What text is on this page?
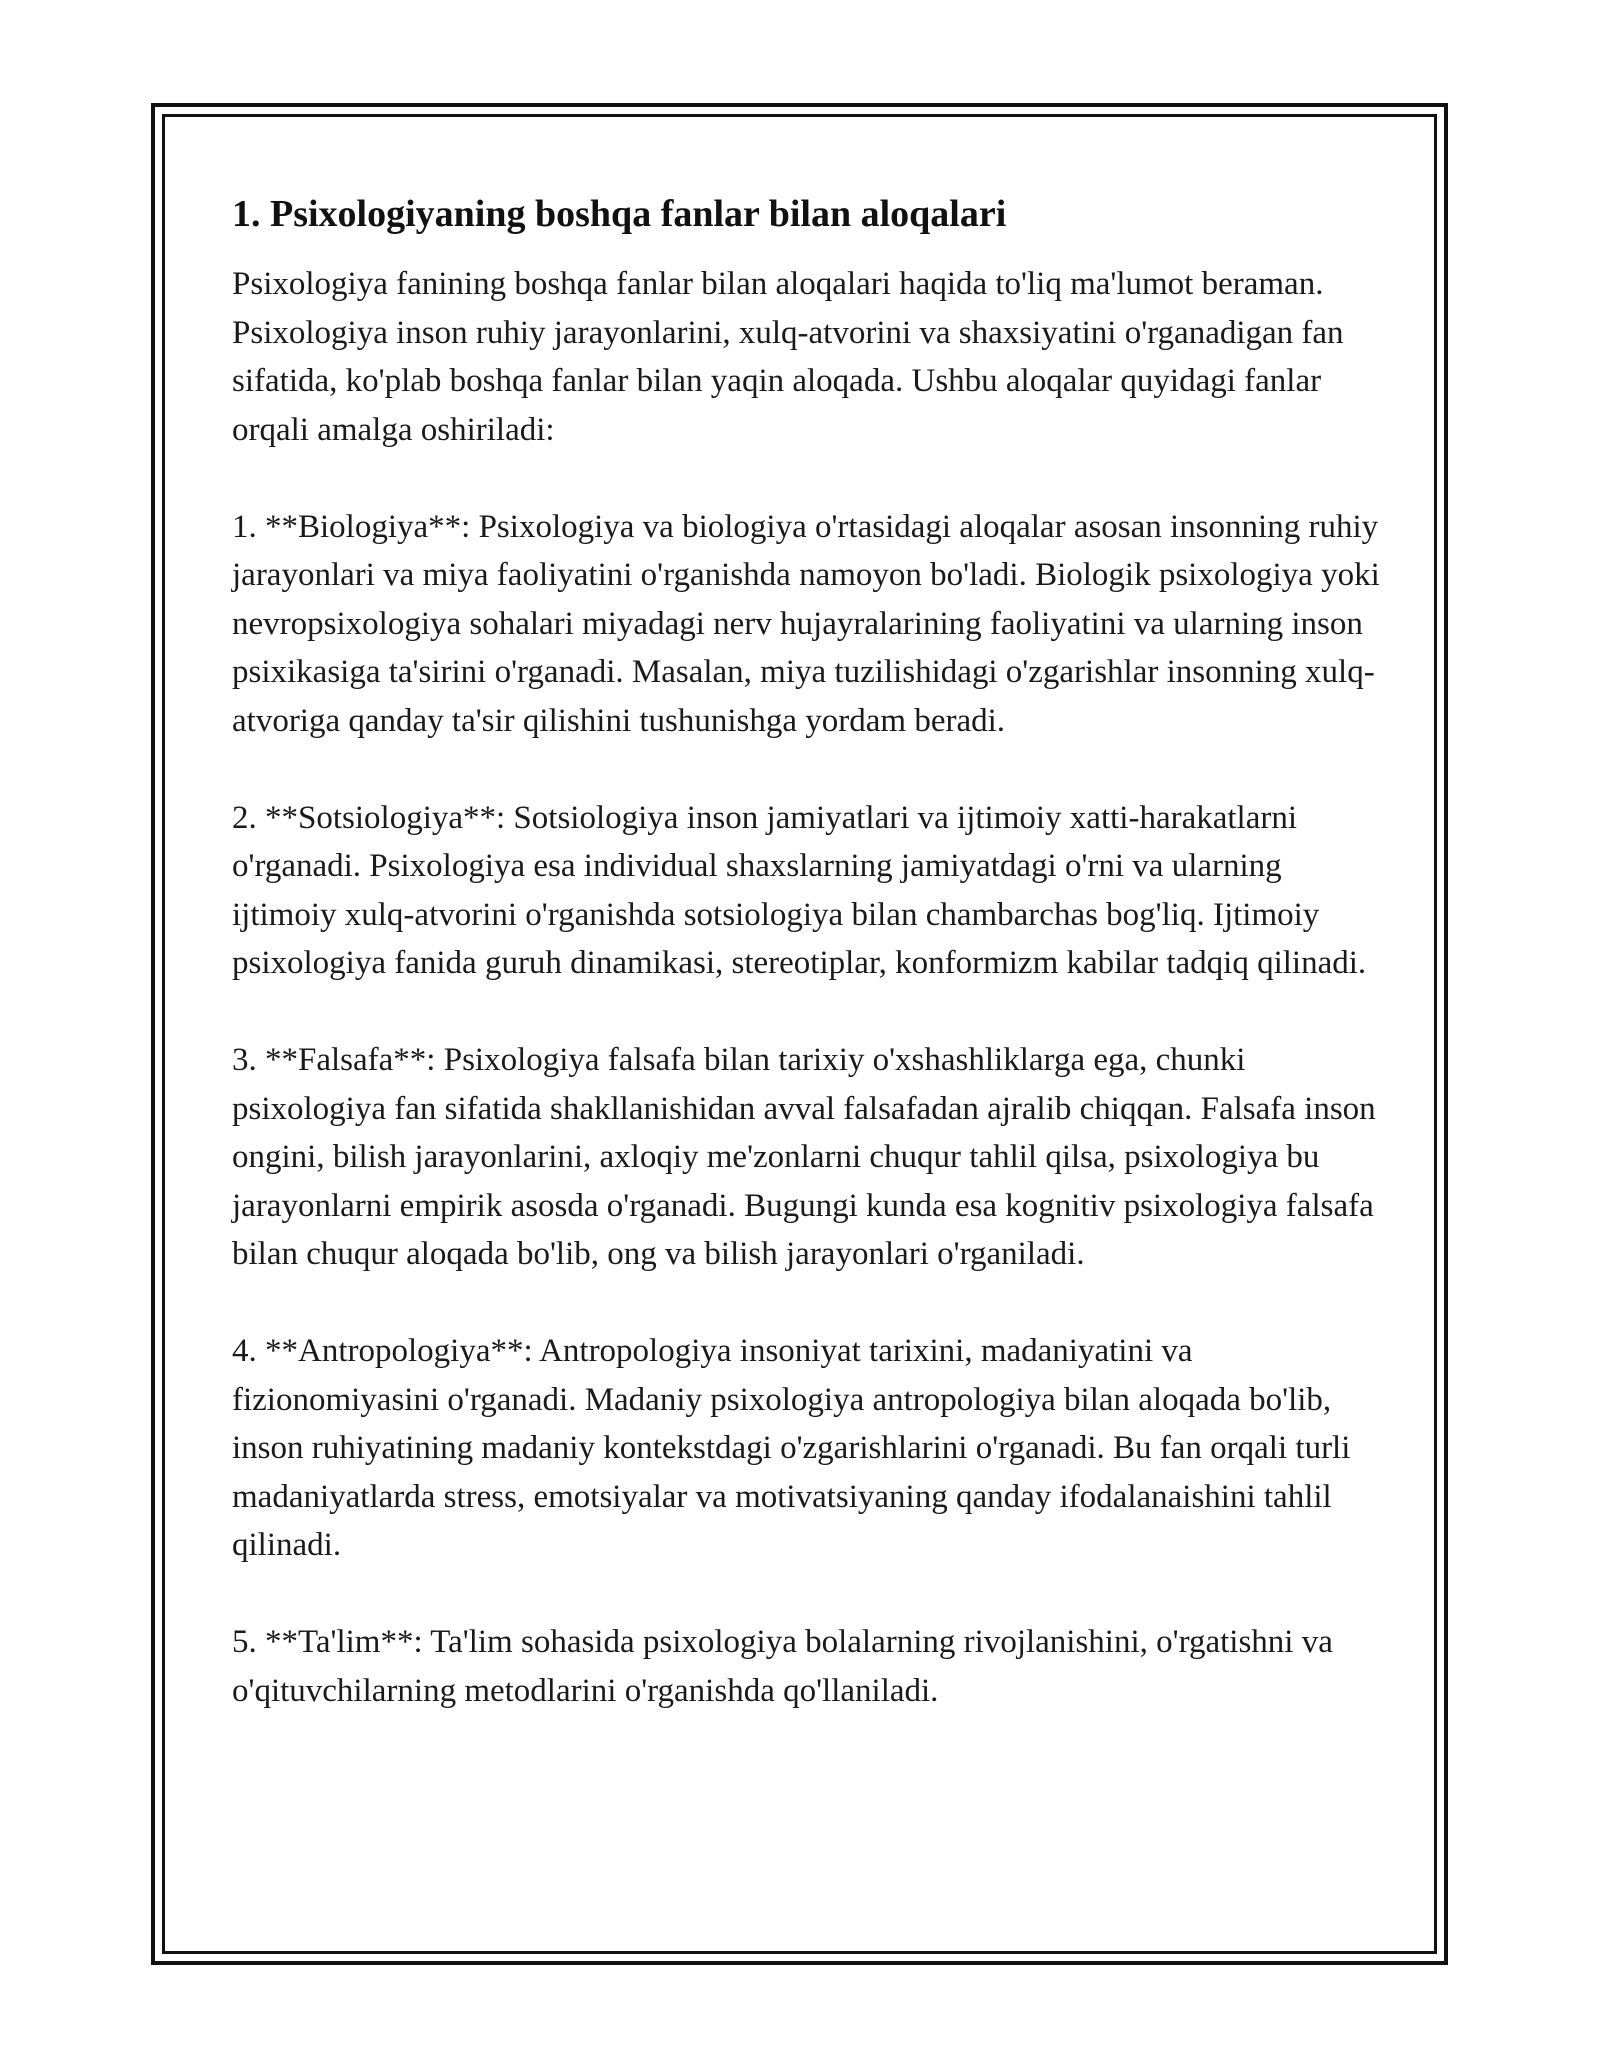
1. Psixologiyaning boshqa fanlar bilan aloqalari

Psixologiya fanining boshqa fanlar bilan aloqalari haqida to'liq ma'lumot beraman. Psixologiya inson ruhiy jarayonlarini, xulq-atvorini va shaxsiyatini o'rganadigan fan sifatida, ko'plab boshqa fanlar bilan yaqin aloqada. Ushbu aloqalar quyidagi fanlar orqali amalga oshiriladi:

1. **Biologiya**: Psixologiya va biologiya o'rtasidagi aloqalar asosan insonning ruhiy jarayonlari va miya faoliyatini o'rganishda namoyon bo'ladi. Biologik psixologiya yoki nevropsixologiya sohalari miyadagi nerv hujayralarining faoliyatini va ularning inson psixikasiga ta'sirini o'rganadi. Masalan, miya tuzilishidagi o'zgarishlar insonning xulq-atvoriga qanday ta'sir qilishini tushunishga yordam beradi.

2. **Sotsiologiya**: Sotsiologiya inson jamiyatlari va ijtimoiy xatti-harakatlarni o'rganadi. Psixologiya esa individual shaxslarning jamiyatdagi o'rni va ularning ijtimoiy xulq-atvorini o'rganishda sotsiologiya bilan chambarchas bog'liq. Ijtimoiy psixologiya fanida guruh dinamikasi, stereotiplar, konformizm kabilar tadqiq qilinadi.

3. **Falsafa**: Psixologiya falsafa bilan tarixiy o'xshashliklarga ega, chunki psixologiya fan sifatida shakllanishidan avval falsafadan ajralib chiqqan. Falsafa inson ongini, bilish jarayonlarini, axloqiy me'zonlarni chuqur tahlil qilsa, psixologiya bu jarayonlarni empirik asosda o'rganadi. Bugungi kunda esa kognitiv psixologiya falsafa bilan chuqur aloqada bo'lib, ong va bilish jarayonlari o'rganiladi.

4. **Antropologiya**: Antropologiya insoniyat tarixini, madaniyatini va fizionomiyasini o'rganadi. Madaniy psixologiya antropologiya bilan aloqada bo'lib, inson ruhiyatining madaniy kontekstdagi o'zgarishlarini o'rganadi. Bu fan orqali turli madaniyatlarda stress, emotsiyalar va motivatsiyaning qanday ifodalanaishini tahlil qilinadi.

5. **Ta'lim**: Ta'lim sohasida psixologiya bolalarning rivojlanishini, o'rgatishni va o'qituvchilarning metodlarini o'rganishda qo'llaniladi.
